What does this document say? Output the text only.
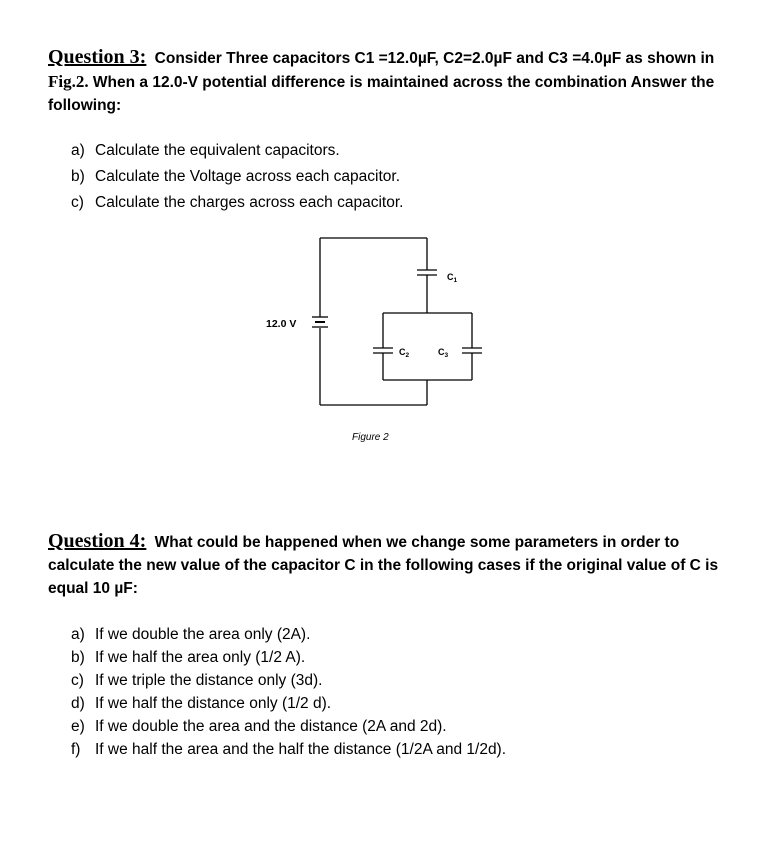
Question 3: Consider Three capacitors C1 =12.0µF, C2=2.0µF and C3 =4.0µF as shown in Fig.2. When a 12.0-V potential difference is maintained across the combination Answer the following:
a) Calculate the equivalent capacitors.
b) Calculate the Voltage across each capacitor.
c) Calculate the charges across each capacitor.
12.0 V
$C_1$
$C_2$	$C_3$
Figure 2
Question 4: What could be happened when we change some parameters in order to calculate the new value of the capacitor C in the following cases if the original value of C is equal 10 µF:
a) If we double the area only (2A).
b) If we half the area only (1/2 A).
c) If we triple the distance only (3d).
d) If we half the distance only (1/2 d).
e) If we double the area and the distance (2A and 2d).
f) If we half the area and the half the distance (1/2A and 1/2d).
